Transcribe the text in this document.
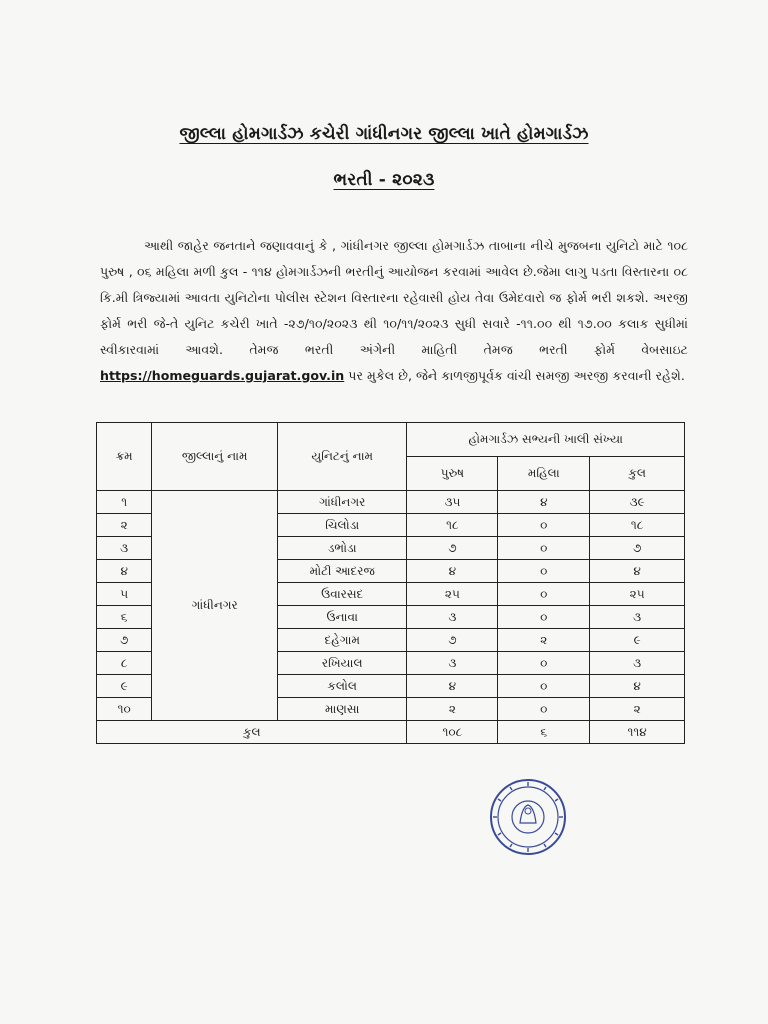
જીલ્લા હોમગાર્ડઝ કચેરી ગાંધીનગર જીલ્લા ખાતે હોમગાર્ડઝ
ભરતી - ૨૦૨૩
આથી જાહેર જનતાને જણાવવાનું કે , ગાંધીનગર જીલ્લા હોમગાર્ડઝ તાબાના નીચે મુજબના યુનિટો માટે ૧૦૮ પુરુષ , ૦૬ મહિલા મળી કુલ - ૧૧૪ હોમગાર્ડઝની ભરતીનું આયોજન કરવામાં આવેલ છે.જેમા લાગુ પડતા વિસ્તારના ૦૮ કિ.મી ત્રિજ્યામાં આવતા યુનિટોના પોલીસ સ્ટેશન વિસ્તારના રહેવાસી હોય તેવા ઉમેદવારો જ ફોર્મ ભરી શકશે. અરજી ફોર્મ ભરી જે-તે યુનિટ કચેરી ખાતે -૨૭/૧૦/૨૦૨૩ થી ૧૦/૧૧/૨૦૨૩ સુધી સવારે -૧૧.૦૦ થી ૧૭.૦૦ કલાક સુધીમાં સ્વીકારવામાં આવશે. તેમજ ભરતી અંગેની માહિતી તેમજ ભરતી ફોર્મ વેબસાઇટ https://homeguards.gujarat.gov.in પર મુકેલ છે, જેને કાળજીપૂર્વક વાંચી સમજી અરજી કરવાની રહેશે.
ક્રમ	જીલ્લાનું નામ	યુનિટનું નામ	હોમગાર્ડઝ સભ્યની ખાલી સંખ્યા		
			પુરુષ	મહિલા	કુલ
૧	ગાંધીનગર	ગાંધીનગર	૩૫	૪	૩૯
૨		ચિલોડા	૧૮	૦	૧૮
૩		ડભોડા	૭	૦	૭
૪		મોટી આદરજ	૪	૦	૪
૫		ઉવારસદ	૨૫	૦	૨૫
૬		ઉનાવા	૩	૦	૩
૭		દહેગામ	૭	૨	૯
૮		રખિયાલ	૩	૦	૩
૯		કલોલ	૪	૦	૪
૧૦		માણસા	૨	૦	૨
કુલ			૧૦૮	૬	૧૧૪
